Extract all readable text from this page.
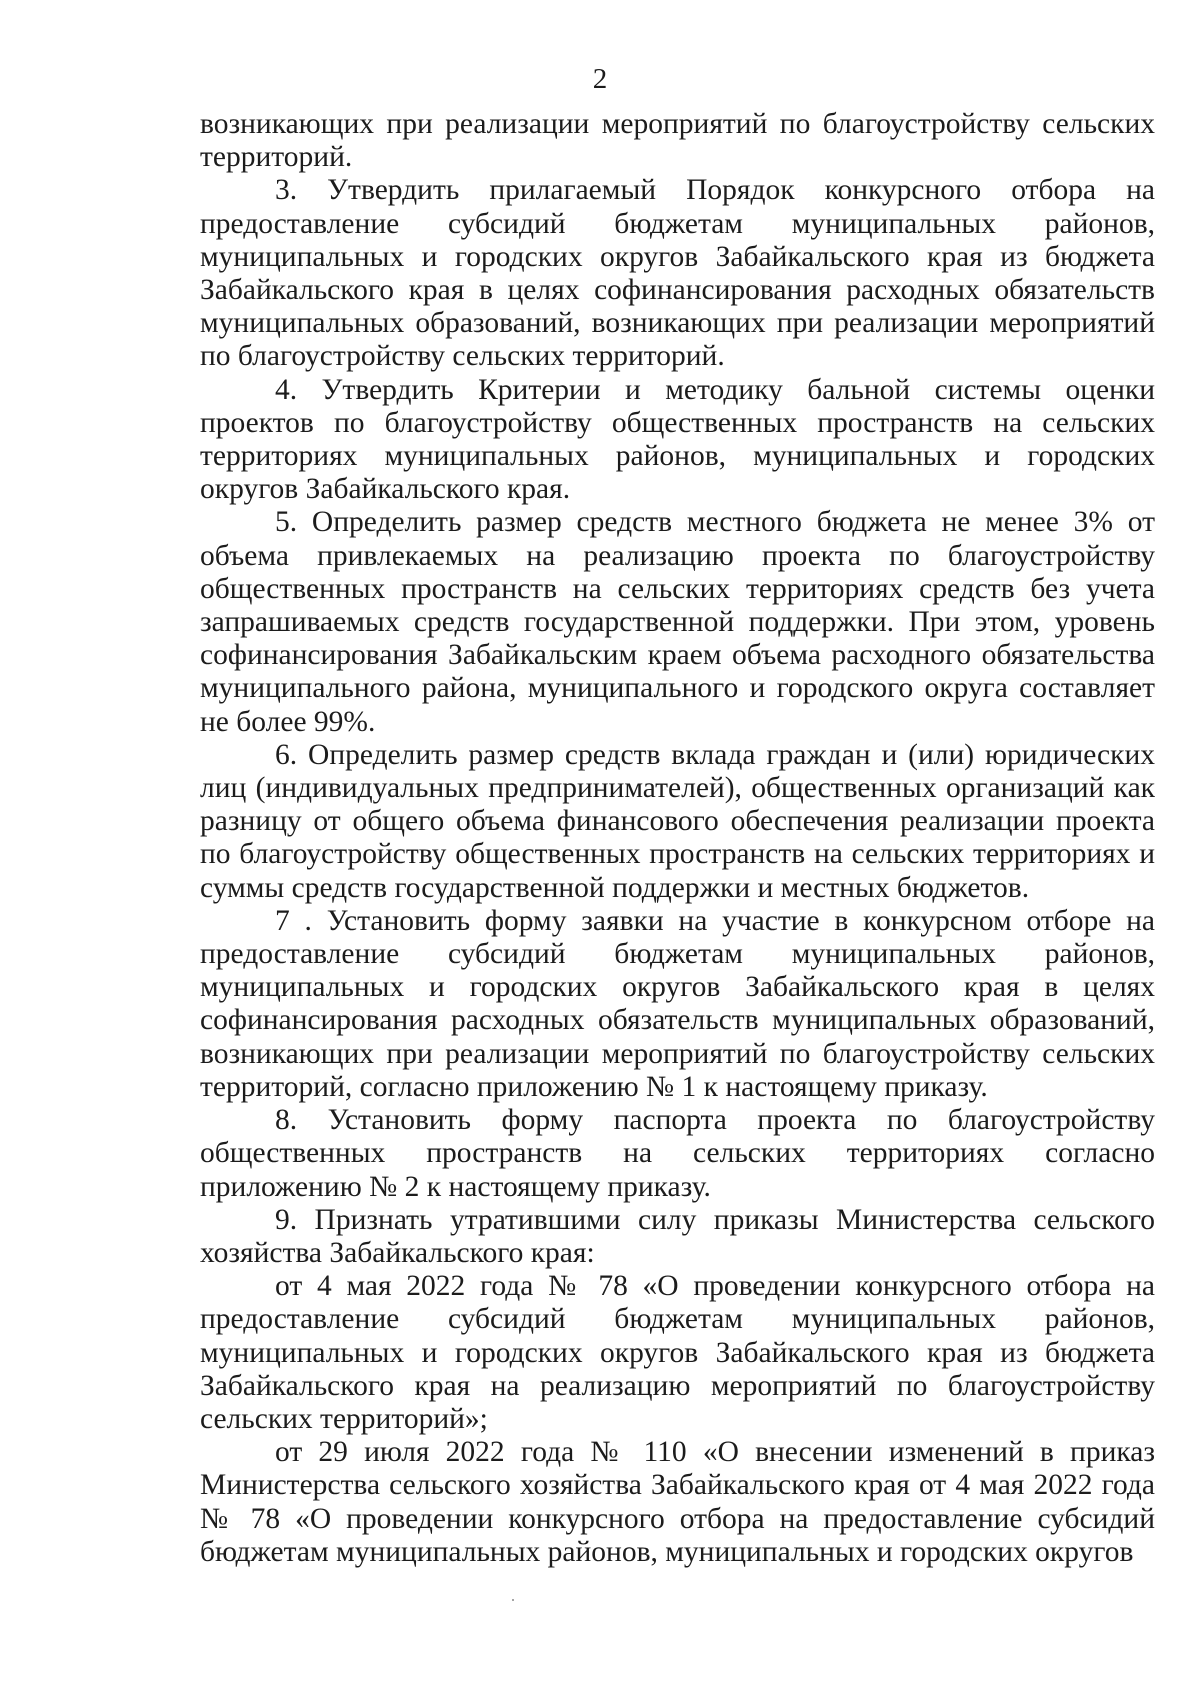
2

возникающих при реализации мероприятий по благоустройству сельских территорий.

3. Утвердить прилагаемый Порядок конкурсного отбора на предоставление субсидий бюджетам муниципальных районов, муниципальных и городских округов Забайкальского края из бюджета Забайкальского края в целях софинансирования расходных обязательств муниципальных образований, возникающих при реализации мероприятий по благоустройству сельских территорий.

4. Утвердить Критерии и методику бальной системы оценки проектов по благоустройству общественных пространств на сельских территориях муниципальных районов, муниципальных и городских округов Забайкальского края.

5. Определить размер средств местного бюджета не менее 3% от объема привлекаемых на реализацию проекта по благоустройству общественных пространств на сельских территориях средств без учета запрашиваемых средств государственной поддержки. При этом, уровень софинансирования Забайкальским краем объема расходного обязательства муниципального района, муниципального и городского округа составляет не более 99%.

6. Определить размер средств вклада граждан и (или) юридических лиц (индивидуальных предпринимателей), общественных организаций как разницу от общего объема финансового обеспечения реализации проекта по благоустройству общественных пространств на сельских территориях и суммы средств государственной поддержки и местных бюджетов.

7 . Установить форму заявки на участие в конкурсном отборе на предоставление субсидий бюджетам муниципальных районов, муниципальных и городских округов Забайкальского края в целях софинансирования расходных обязательств муниципальных образований, возникающих при реализации мероприятий по благоустройству сельских территорий, согласно приложению № 1 к настоящему приказу.

8. Установить форму паспорта проекта по благоустройству общественных пространств на сельских территориях согласно приложению № 2 к настоящему приказу.

9. Признать утратившими силу приказы Министерства сельского хозяйства Забайкальского края:

от 4 мая 2022 года № 78 «О проведении конкурсного отбора на предоставление субсидий бюджетам муниципальных районов, муниципальных и городских округов Забайкальского края из бюджета Забайкальского края на реализацию мероприятий по благоустройству сельских территорий»;

от 29 июля 2022 года № 110 «О внесении изменений в приказ Министерства сельского хозяйства Забайкальского края от 4 мая 2022 года № 78 «О проведении конкурсного отбора на предоставление субсидий бюджетам муниципальных районов, муниципальных и городских округов
